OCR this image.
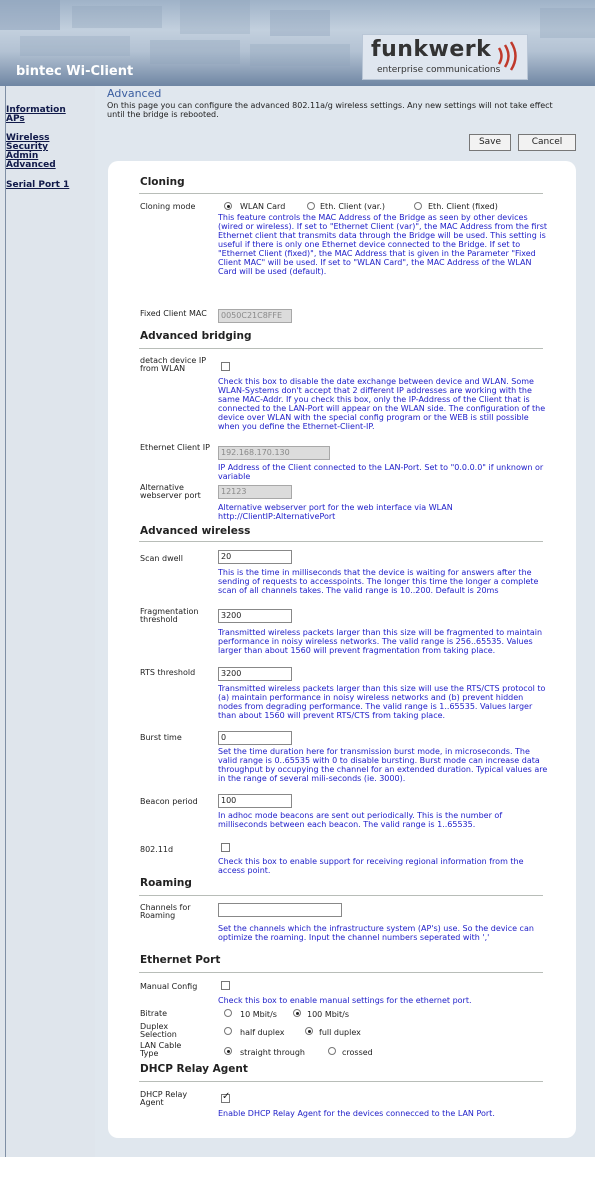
bintec Wi-Client
funkwerk
enterprise communications
Information
APs
Wireless
Security
Admin
Advanced
Serial Port 1
Advanced
On this page you can configure the advanced 802.11a/g wireless settings. Any new settings will not take effect until the bridge is rebooted.
Save	Cancel
Cloning
Cloning mode	WLAN Card	Eth. Client (var.)	Eth. Client (fixed)
This feature controls the MAC Address of the Bridge as seen by other devices (wired or wireless). If set to "Ethernet Client (var)", the MAC Address from the first Ethernet client that transmits data through the Bridge will be used. This setting is useful if there is only one Ethernet device connected to the Bridge. If set to "Ethernet Client (fixed)", the MAC Address that is given in the Parameter "Fixed Client MAC" will be used. If set to "WLAN Card", the MAC Address of the WLAN Card will be used (default).
Fixed Client MAC	0050C21C8FFE
Advanced bridging
detach device IP from WLAN
Check this box to disable the date exchange between device and WLAN. Some WLAN-Systems don't accept that 2 different IP addresses are working with the same MAC-Addr. If you check this box, only the IP-Address of the Client that is connected to the LAN-Port will appear on the WLAN side. The configuration of the device over WLAN with the special config program or the WEB is still possible when you define the Ethernet-Client-IP.
Ethernet Client IP
192.168.170.130
IP Address of the Client connected to the LAN-Port. Set to "0.0.0.0" if unknown or variable
Alternative webserver port	12123
Alternative webserver port for the web interface via WLAN http://ClientIP:AlternativePort
Advanced wireless
Scan dwell	20
This is the time in milliseconds that the device is waiting for answers after the sending of requests to accesspoints. The longer this time the longer a complete scan of all channels takes. The valid range is 10..200. Default is 20ms
Fragmentation threshold	3200
Transmitted wireless packets larger than this size will be fragmented to maintain performance in noisy wireless networks. The valid range is 256..65535. Values larger than about 1560 will prevent fragmentation from taking place.
RTS threshold	3200
Transmitted wireless packets larger than this size will use the RTS/CTS protocol to (a) maintain performance in noisy wireless networks and (b) prevent hidden nodes from degrading performance. The valid range is 1..65535. Values larger than about 1560 will prevent RTS/CTS from taking place.
Burst time	0
Set the time duration here for transmission burst mode, in microseconds. The valid range is 0..65535 with 0 to disable bursting. Burst mode can increase data throughput by occupying the channel for an extended duration. Typical values are in the range of several mili-seconds (ie. 3000).
Beacon period	100
In adhoc mode beacons are sent out periodically. This is the number of milliseconds between each beacon. The valid range is 1..65535.
802.11d
Check this box to enable support for receiving regional information from the access point.
Roaming
Channels for Roaming
Set the channels which the infrastructure system (AP's) use. So the device can optimize the roaming. Input the channel numbers seperated with ','
Ethernet Port
Manual Config
Check this box to enable manual settings for the ethernet port.
Bitrate	10 Mbit/s	100 Mbit/s
Duplex Selection	half duplex	full duplex
LAN Cable Type	straight through	crossed
DHCP Relay Agent
DHCP Relay Agent
✓
Enable DHCP Relay Agent for the devices connecced to the LAN Port.
